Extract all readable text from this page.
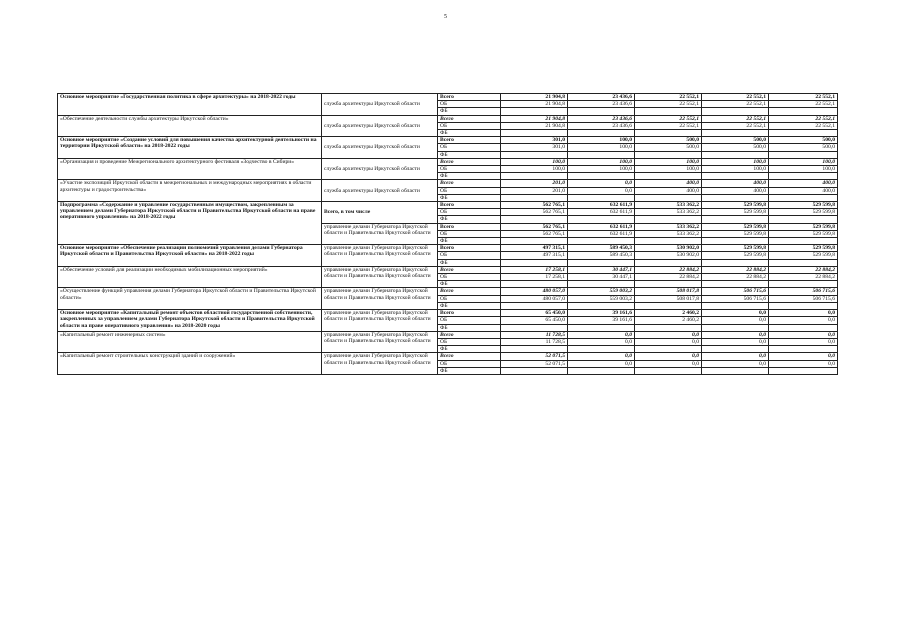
5
Основное мероприятие «Государственная политика в сфере архитектуры» на 2018-2022 годы	служба архитектуры Иркутской области	Всего	21 904,8	23 436,6	22 552,1	22 552,1	22 552,1
		ОБ	21 904,8	23 436,6	22 552,1	22 552,1	22 552,1
		ФБ					
«Обеспечение деятельности службы архитектуры Иркутской области»	служба архитектуры Иркутской области	Всего	21 904,8	23 436,6	22 552,1	22 552,1	22 552,1
		ОБ	21 904,8	23 436,6	22 552,1	22 552,1	22 552,1
		ФБ					
Основное мероприятие «Создание условий для повышения качества архитектурной деятельности на территории Иркутской области» на 2018-2022 годы	служба архитектуры Иркутской области	Всего	301,0	100,0	500,0	500,0	500,0
		ОБ	301,0	100,0	500,0	500,0	500,0
		ФБ					
«Организация и проведение Межрегионального архитектурного фестиваля «Зодчество в Сибири»	служба архитектуры Иркутской области	Всего	100,0	100,0	100,0	100,0	100,0
		ОБ	100,0	100,0	100,0	100,0	100,0
		ФБ					
«Участие экспозиций Иркутской области в межрегиональных и международных мероприятиях в области архитектуры и градостроительства»	служба архитектуры Иркутской области	Всего	201,0	0,0	400,0	400,0	400,0
		ОБ	201,0	0,0	400,0	400,0	400,0
		ФБ					
Подпрограмма «Содержание и управление государственным имуществом, закрепленным за управлением делами Губернатора Иркутской области и Правительства Иркутской области на праве оперативного управления» на 2018-2022 годы	Всего, в том числе	Всего	562 765,1	632 611,9	533 362,2	529 599,8	529 599,8
		ОБ	562 765,1	632 611,9	533 362,2	529 599,8	529 599,8
		ФБ					
	управление делами Губернатора Иркутской области и Правительства Иркутской области	Всего	562 765,1	632 611,9	533 362,2	529 599,8	529 599,8
		ОБ	562 765,1	632 611,9	533 362,2	529 599,8	529 599,8
		ФБ					
Основное мероприятие «Обеспечение реализации полномочий управления делами Губернатора Иркутской области и Правительства Иркутской области» на 2018-2022 годы	управление делами Губернатора Иркутской области и Правительства Иркутской области	Всего	497 315,1	589 450,3	530 902,0	529 599,8	529 599,8
		ОБ	497 315,1	589 450,3	530 902,0	529 599,8	529 599,8
		ФБ					
«Обеспечение условий для реализации необходимых мобилизационных мероприятий»	управление делами Губернатора Иркутской области и Правительства Иркутской области	Всего	17 258,1	30 447,1	22 884,2	22 884,2	22 884,2
		ОБ	17 258,1	30 447,1	22 884,2	22 884,2	22 884,2
		ФБ					
«Осуществление функций управления делами Губернатора Иркутской области и Правительства Иркутской области»	управление делами Губернатора Иркутской области и Правительства Иркутской области	Всего	480 057,0	559 003,2	508 017,8	506 715,6	506 715,6
		ОБ	480 057,0	559 003,2	508 017,8	506 715,6	506 715,6
		ФБ					
Основное мероприятие «Капитальный ремонт объектов областной государственной собственности, закрепленных за управлением делами Губернатора Иркутской области и Правительства Иркутской области на праве оперативного управления» на 2018-2020 годы	управление делами Губернатора Иркутской области и Правительства Иркутской области	Всего	65 450,0	39 161,6	2 460,2	0,0	0,0
		ОБ	65 450,0	39 161,6	2 460,2	0,0	0,0
		ФБ					
«Капитальный ремонт инженерных систем»	управление делами Губернатора Иркутской области и Правительства Иркутской области	Всего	11 728,5	0,0	0,0	0,0	0,0
		ОБ	11 728,5	0,0	0,0	0,0	0,0
		ФБ					
«Капитальный ремонт строительных конструкций зданий и сооружений»	управление делами Губернатора Иркутской области и Правительства Иркутской области	Всего	52 071,5	0,0	0,0	0,0	0,0
		ОБ	52 071,5	0,0	0,0	0,0	0,0
		ФБ					
